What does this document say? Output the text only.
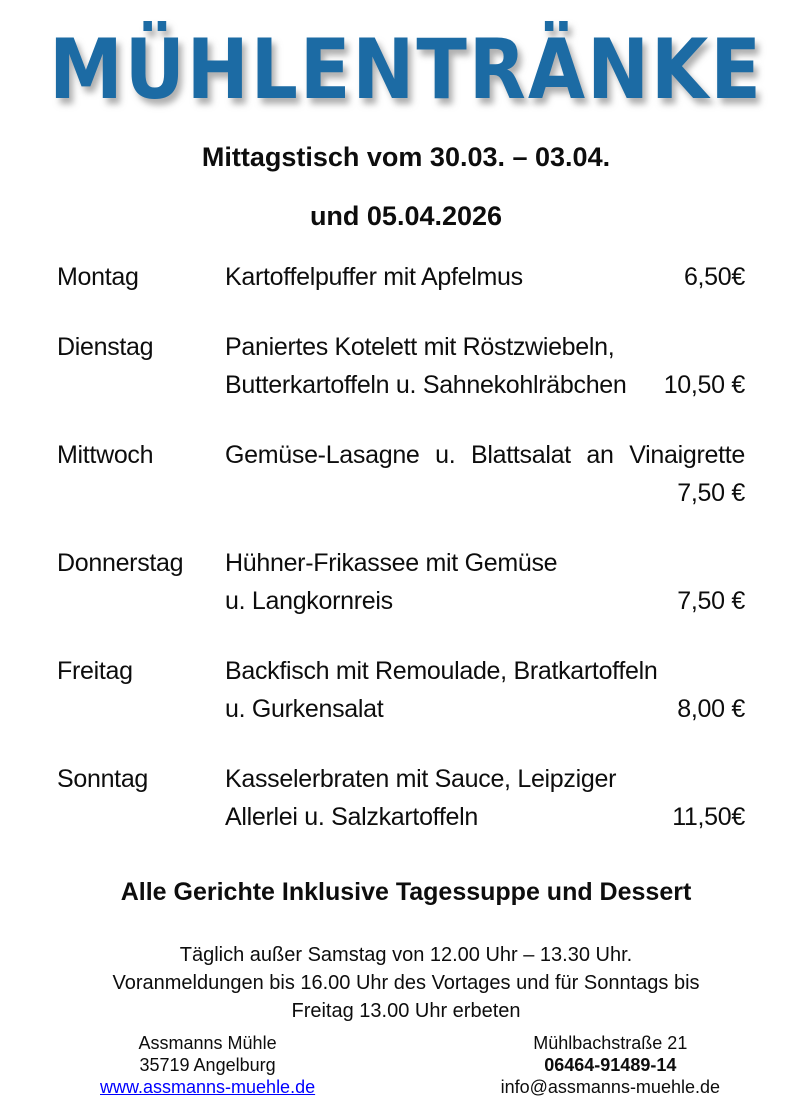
MÜHLENTRÄNKE
Mittagstisch vom 30.03. – 03.04.
und 05.04.2026
Montag	Kartoffelpuffer mit Apfelmus	6,50€
Dienstag	Paniertes Kotelett mit Röstzwiebeln,
Butterkartoffeln u. Sahnekohlräbchen 10,50 €
Mittwoch	Gemüse-Lasagne u. Blattsalat an Vinaigrette
7,50 €
Donnerstag	Hühner-Frikassee mit Gemüse
u. Langkornreis	7,50 €
Freitag	Backfisch mit Remoulade, Bratkartoffeln
u. Gurkensalat	8,00 €
Sonntag	Kasselerbraten mit Sauce, Leipziger
Allerlei u. Salzkartoffeln	11,50€
Alle Gerichte Inklusive Tagessuppe und Dessert
Täglich außer Samstag von 12.00 Uhr – 13.30 Uhr.
Voranmeldungen bis 16.00 Uhr des Vortages und für Sonntags bis
Freitag 13.00 Uhr erbeten
Assmanns Mühle
35719 Angelburg
www.assmanns-muehle.de
Mühlbachstraße 21
06464-91489-14
info@assmanns-muehle.de
